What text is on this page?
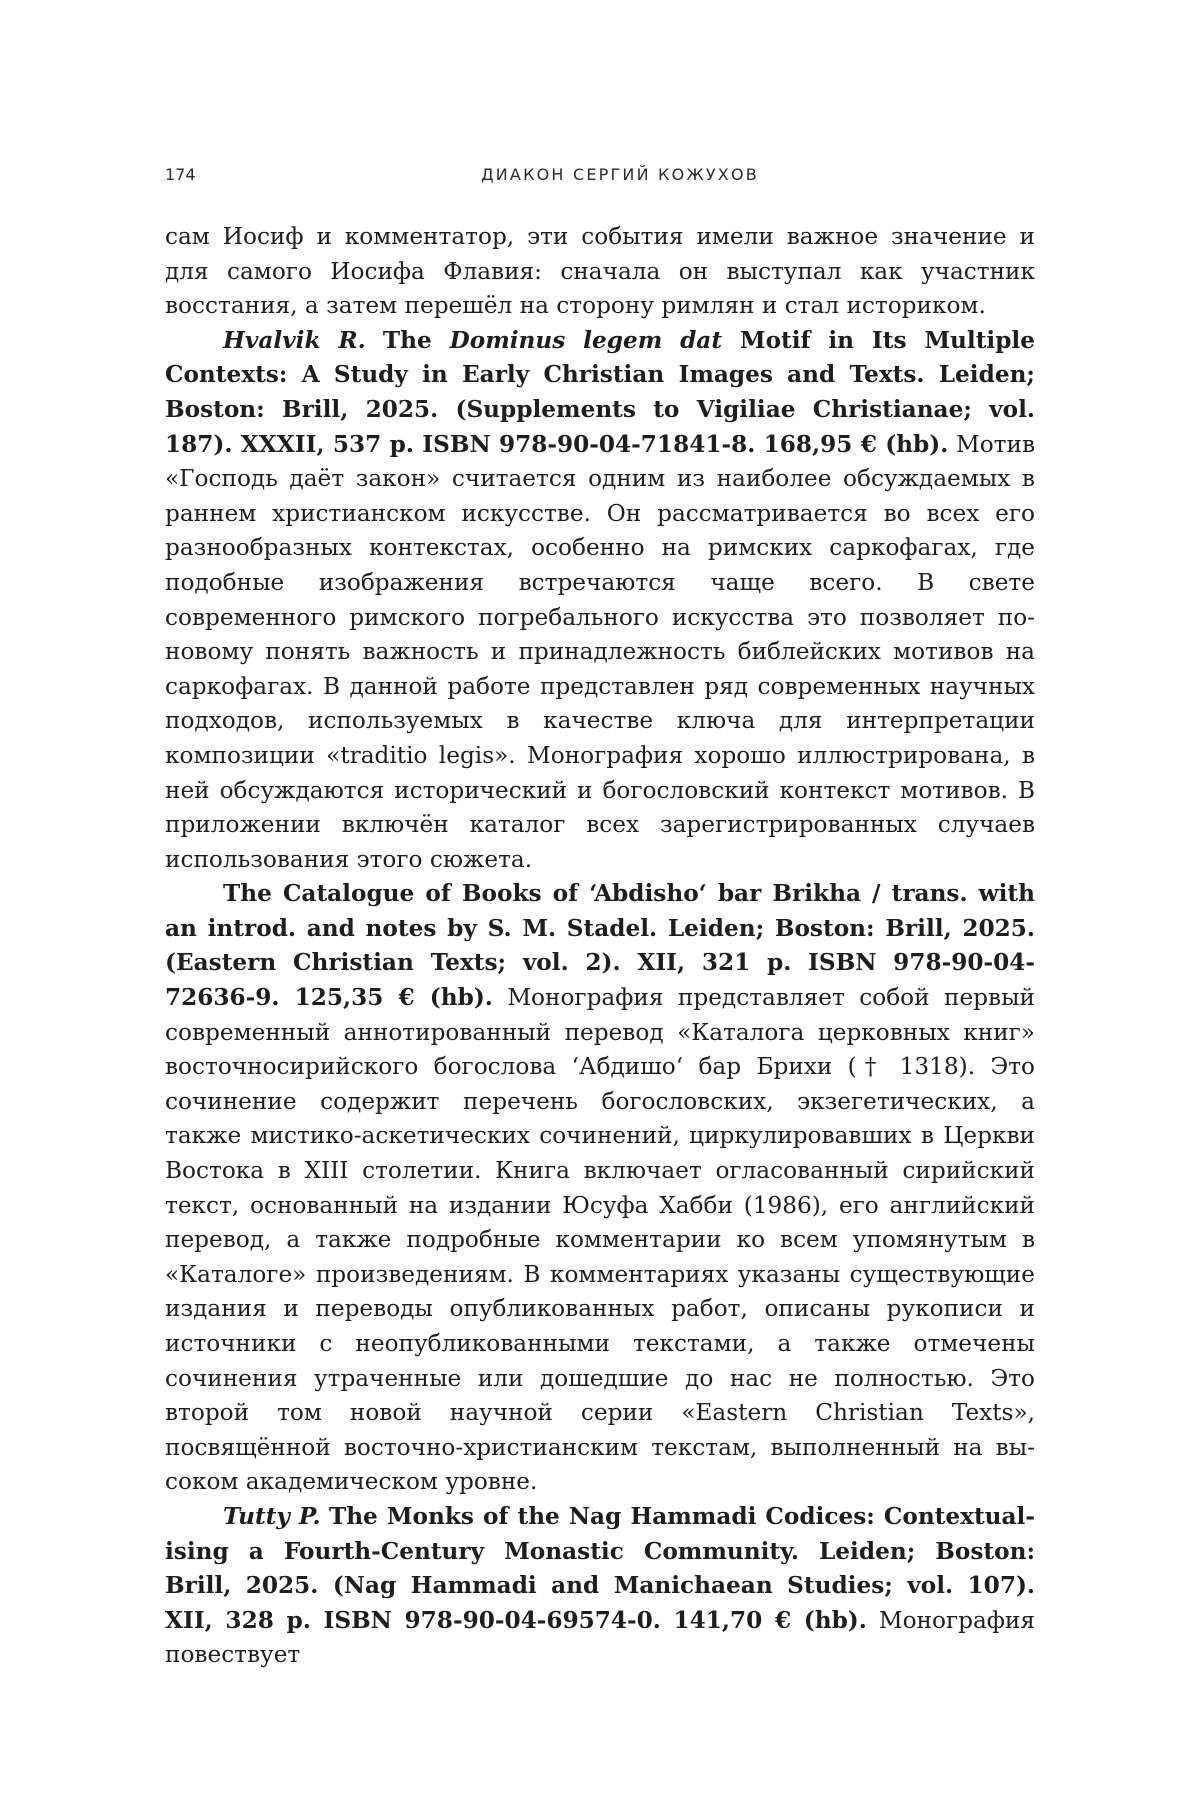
174	ДИАКОН СЕРГИЙ КОЖУХОВ

сам Иосиф и комментатор, эти события имели важное значение и для самого Иосифа Флавия: сначала он выступал как участник восстания, а затем перешёл на сторону римлян и стал историком.

Hvalvik R. The Dominus legem dat Motif in Its Multiple Contexts: A Study in Early Christian Images and Texts. Leiden; Boston: Brill, 2025. (Supplements to Vigiliae Christianae; vol. 187). XXXII, 537 p. ISBN 978-90-04-71841-8. 168,95 € (hb). Мотив «Господь даёт закон» считается одним из наиболее обсуждаемых в раннем христианском искусстве. Он рассматривается во всех его разнообразных контекстах, особенно на римских саркофагах, где подобные изображения встречаются чаще всего. В свете современного римского погребального искусства это позволяет по-новому понять важность и принадлежность библейских мотивов на саркофагах. В данной работе представлен ряд современных научных подходов, используемых в качестве ключа для интерпретации композиции «traditio legis». Монография хорошо иллюстрирована, в ней обсуждаются исторический и богословский контекст мотивов. В приложении включён каталог всех зарегистрированных случаев использования этого сюжета.

The Catalogue of Books of ‘Abdisho‘ bar Brikha / trans. with an introd. and notes by S. M. Stadel. Leiden; Boston: Brill, 2025. (Eastern Christian Texts; vol. 2). XII, 321 p. ISBN 978-90-04-72636-9. 125,35 € (hb). Монография представляет собой первый современный аннотированный перевод «Каталога церковных книг» восточносирийского богослова ‘Абдишо‘ бар Брихи († 1318). Это сочинение содержит перечень богословских, экзегетических, а также мистико-аскетических сочинений, циркулировавших в Церкви Востока в XIII столетии. Книга включает огласованный сирийский текст, основанный на издании Юсуфа Хабби (1986), его английский перевод, а также подробные комментарии ко всем упомянутым в «Каталоге» произведениям. В комментариях указаны существующие издания и переводы опубликованных работ, описаны рукописи и источники с неопубликованными текстами, а также отмечены сочинения утраченные или дошедшие до нас не полностью. Это второй том новой научной серии «Eastern Christian Texts», посвящённой восточно-христианским текстам, выполненный на высоком академическом уровне.

Tutty P. The Monks of the Nag Hammadi Codices: Contextualising a Fourth-Century Monastic Community. Leiden; Boston: Brill, 2025. (Nag Hammadi and Manichaean Studies; vol. 107). XII, 328 p. ISBN 978-90-04-69574-0. 141,70 € (hb). Монография повествует
